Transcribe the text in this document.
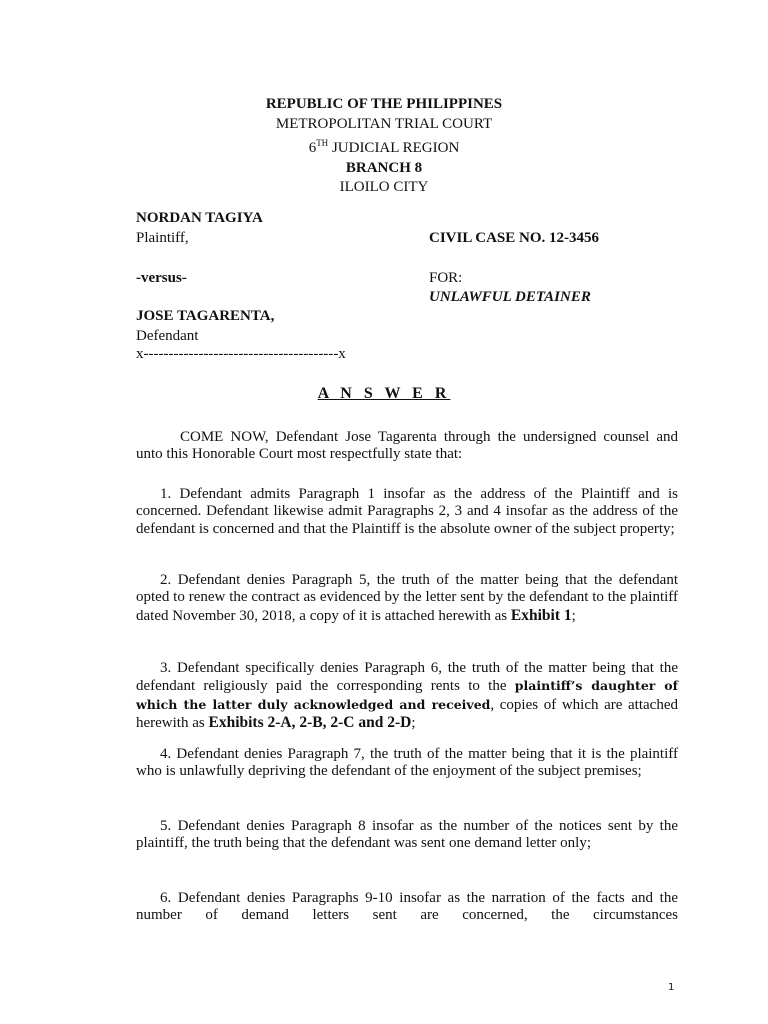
REPUBLIC OF THE PHILIPPINES
METROPOLITAN TRIAL COURT
6TH JUDICIAL REGION
BRANCH 8
ILOILO CITY
NORDAN TAGIYA
Plaintiff,	CIVIL CASE NO. 12-3456
-versus-	FOR:
UNLAWFUL DETAINER
JOSE TAGARENTA,
Defendant
x---------------------------------------x
A N S W E R
COME NOW, Defendant Jose Tagarenta through the undersigned counsel and unto this Honorable Court most respectfully state that:
1. Defendant admits Paragraph 1 insofar as the address of the Plaintiff and is concerned. Defendant likewise admit Paragraphs 2, 3 and 4 insofar as the address of the defendant is concerned and that the Plaintiff is the absolute owner of the subject property;
2. Defendant denies Paragraph 5, the truth of the matter being that the defendant opted to renew the contract as evidenced by the letter sent by the defendant to the plaintiff dated November 30, 2018, a copy of it is attached herewith as Exhibit 1;
3. Defendant specifically denies Paragraph 6, the truth of the matter being that the defendant religiously paid the corresponding rents to the plaintiff’s daughter of which the latter duly acknowledged and received, copies of which are attached herewith as Exhibits 2-A, 2-B, 2-C and 2-D;
4. Defendant denies Paragraph 7, the truth of the matter being that it is the plaintiff who is unlawfully depriving the defendant of the enjoyment of the subject premises;
5. Defendant denies Paragraph 8 insofar as the number of the notices sent by the plaintiff, the truth being that the defendant was sent one demand letter only;
6. Defendant denies Paragraphs 9-10 insofar as the narration of the facts and the number of demand letters sent are concerned, the circumstances
1
